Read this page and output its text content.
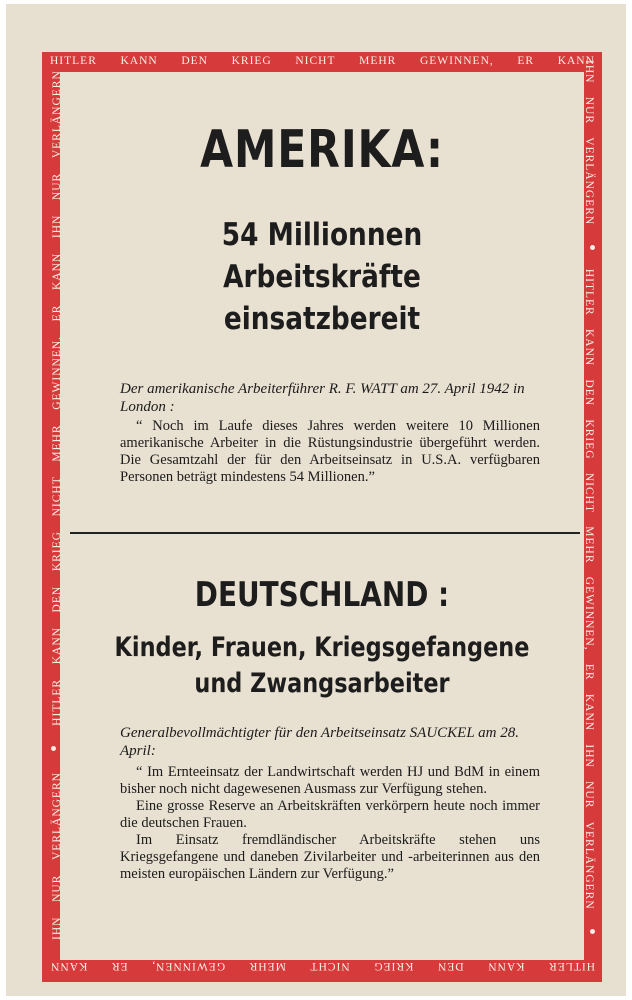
HITLER KANN DEN KRIEG NICHT MEHR GEWINNEN, ER KANN
IHN
NUR
VERLÄNGERN
HITLER
KANN
DEN
KRIEG
NICHT
MEHR
GEWINNEN,
ER
KANN
IHN
NUR
VERLÄNGERN
HITLER
KANN
DEN
KRIEG
NICHT
MEHR
GEWINNEN,
ER
KANN
IHN
NUR
VERLÄNGERN
HITLER
KANN
DEN
KRIEG
NICHT
MEHR
GEWINNEN,
ER
KANN
IHN
NUR
VERLÄNGERN	AMERIKA:
54 Millionnen
Arbeitskräfte
einsatzbereit
Der amerikanische Arbeiterführer R. F. WATT am 27. April 1942 in London :

“ Noch im Laufe dieses Jahres werden weitere 10 Millionen amerikanische Arbeiter in die Rüstungsindustrie übergeführt werden. Die Gesamtzahl der für den Arbeitseinsatz in U.S.A. verfügbaren Personen beträgt mindestens 54 Millionen.”

DEUTSCHLAND :
Kinder, Frauen, Kriegsgefangene
und Zwangsarbeiter
Generalbevollmächtigter für den Arbeitseinsatz SAUCKEL am 28. April:

“ Im Ernteeinsatz der Landwirtschaft werden HJ und BdM in einem bisher noch nicht dagewesenen Ausmass zur Verfügung stehen.

Eine grosse Reserve an Arbeitskräften verkörpern heute noch immer die deutschen Frauen.

Im Einsatz fremdländischer Arbeitskräfte stehen uns Kriegsgefangene und daneben Zivilarbeiter und -arbeiterinnen aus den meisten europäischen Ländern zur Verfügung.”
